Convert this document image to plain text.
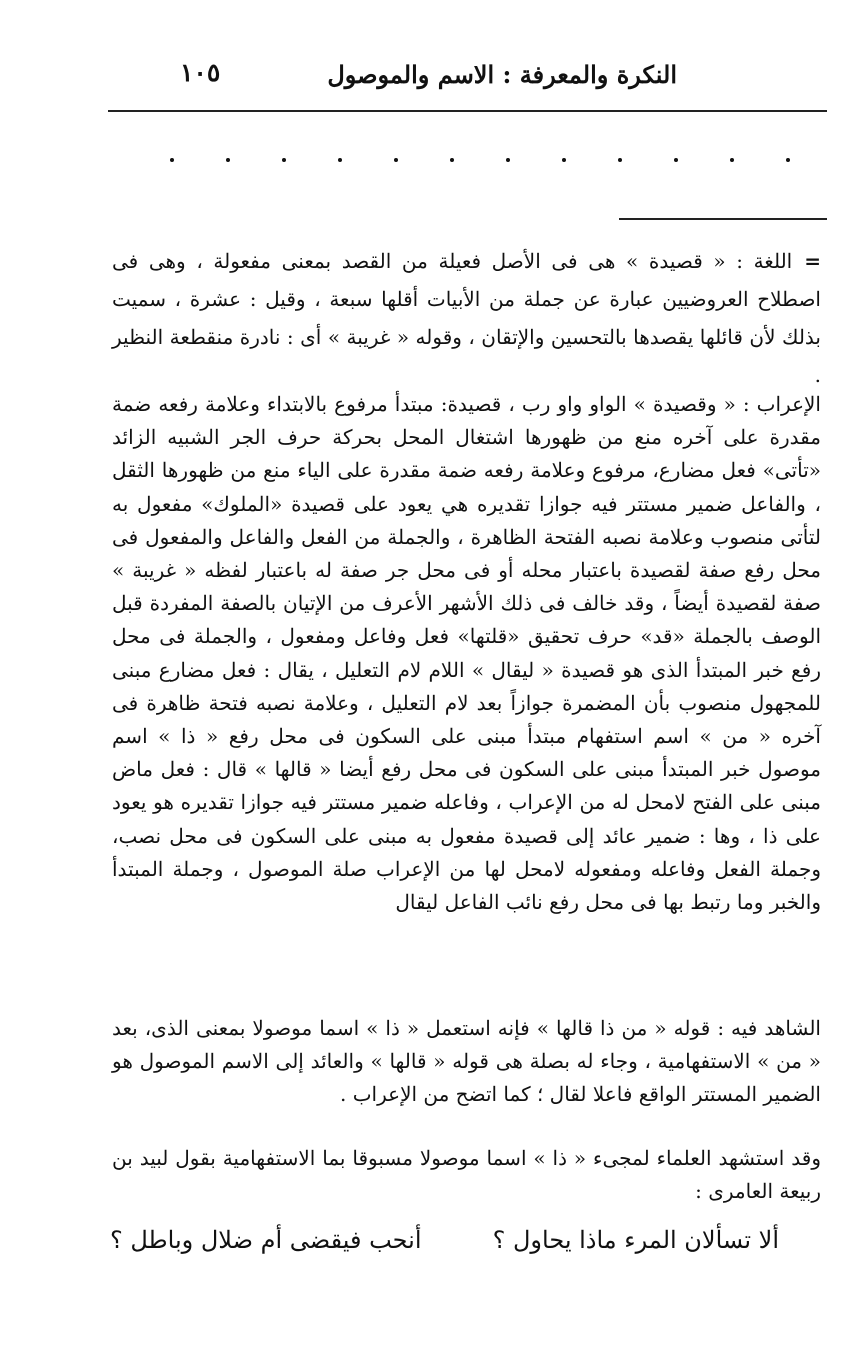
النكرة والمعرفة : الاسم والموصول
١٠٥

=اللغة : « قصيدة » هى فى الأصل فعيلة من القصد بمعنى مفعولة ، وهى فى اصطلاح العروضيين عبارة عن جملة من الأبيات أقلها سبعة ، وقيل : عشرة ، سميت بذلك لأن قائلها يقصدها بالتحسين والإتقان ، وقوله « غريبة » أى : نادرة منقطعة النظير .

الإعراب : « وقصيدة » الواو واو رب ، قصيدة: مبتدأ مرفوع بالابتداء وعلامة رفعه ضمة مقدرة على آخره منع من ظهورها اشتغال المحل بحركة حرف الجر الشبيه الزائد «تأتى» فعل مضارع، مرفوع وعلامة رفعه ضمة مقدرة على الياء منع من ظهورها الثقل ، والفاعل ضمير مستتر فيه جوازا تقديره هي يعود على قصيدة «الملوك» مفعول به لتأتى منصوب وعلامة نصبه الفتحة الظاهرة ، والجملة من الفعل والفاعل والمفعول فى محل رفع صفة لقصيدة باعتبار محله أو فى محل جر صفة له باعتبار لفظه « غريبة » صفة لقصيدة أيضاً ، وقد خالف فى ذلك الأشهر الأعرف من الإتيان بالصفة المفردة قبل الوصف بالجملة «قد» حرف تحقيق «قلتها» فعل وفاعل ومفعول ، والجملة فى محل رفع خبر المبتدأ الذى هو قصيدة « ليقال » اللام لام التعليل ، يقال : فعل مضارع مبنى للمجهول منصوب بأن المضمرة جوازاً بعد لام التعليل ، وعلامة نصبه فتحة ظاهرة فى آخره « من » اسم استفهام مبتدأ مبنى على السكون فى محل رفع « ذا » اسم موصول خبر المبتدأ مبنى على السكون فى محل رفع أيضا « قالها » قال : فعل ماض مبنى على الفتح لامحل له من الإعراب ، وفاعله ضمير مستتر فيه جوازا تقديره هو يعود على ذا ، وها : ضمير عائد إلى قصيدة مفعول به مبنى على السكون فى محل نصب، وجملة الفعل وفاعله ومفعوله لامحل لها من الإعراب صلة الموصول ، وجملة المبتدأ والخبر وما رتبط بها فى محل رفع نائب الفاعل ليقال

الشاهد فيه : قوله « من ذا قالها » فإنه استعمل « ذا » اسما موصولا بمعنى الذى، بعد « من » الاستفهامية ، وجاء له بصلة هى قوله « قالها » والعائد إلى الاسم الموصول هو الضمير المستتر الواقع فاعلا لقال ؛ كما اتضح من الإعراب .

وقد استشهد العلماء لمجىء « ذا » اسما موصولا مسبوقا بما الاستفهامية بقول لبيد بن ربيعة العامرى :

ألا تسألان المرء ماذا يحاول ؟
أنحب فيقضى أم ضلال وباطل ؟
